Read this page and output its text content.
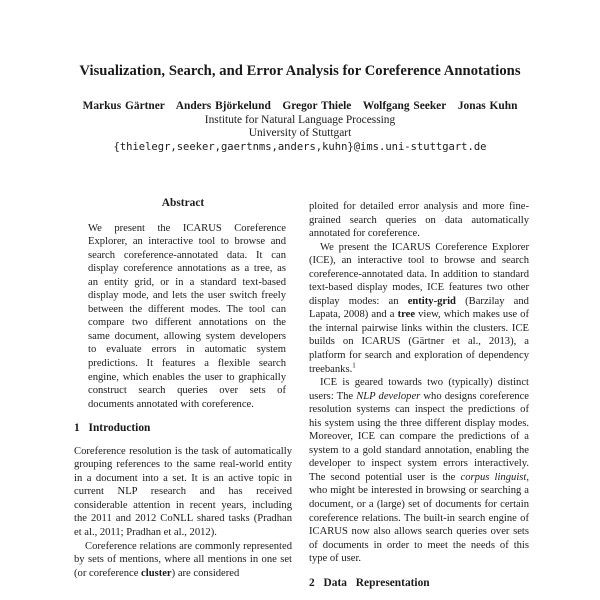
Visualization, Search, and Error Analysis for Coreference Annotations
Markus Gärtner Anders Björkelund Gregor Thiele Wolfgang Seeker Jonas Kuhn
Institute for Natural Language Processing
University of Stuttgart
{thielegr,seeker,gaertnms,anders,kuhn}@ims.uni-stuttgart.de
Abstract

We present the ICARUS Coreference Explorer, an interactive tool to browse and search coreference-annotated data. It can display coreference annotations as a tree, as an entity grid, or in a standard text-based display mode, and lets the user switch freely between the different modes. The tool can compare two different annotations on the same document, allowing system developers to evaluate errors in automatic system predictions. It features a flexible search engine, which enables the user to graphically construct search queries over sets of documents annotated with coreference.

1 Introduction

Coreference resolution is the task of automatically grouping references to the same real-world entity in a document into a set. It is an active topic in current NLP research and has received considerable attention in recent years, including the 2011 and 2012 CoNLL shared tasks (Pradhan et al., 2011; Pradhan et al., 2012).

Coreference relations are commonly represented by sets of mentions, where all mentions in one set (or coreference cluster) are considered

ploited for detailed error analysis and more fine-grained search queries on data automatically annotated for coreference.

We present the ICARUS Coreference Explorer (ICE), an interactive tool to browse and search coreference-annotated data. In addition to standard text-based display modes, ICE features two other display modes: an entity-grid (Barzilay and Lapata, 2008) and a tree view, which makes use of the internal pairwise links within the clusters. ICE builds on ICARUS (Gärtner et al., 2013), a platform for search and exploration of dependency treebanks.$^1$

ICE is geared towards two (typically) distinct users: The NLP developer who designs coreference resolution systems can inspect the predictions of his system using the three different display modes. Moreover, ICE can compare the predictions of a system to a gold standard annotation, enabling the developer to inspect system errors interactively. The second potential user is the corpus linguist, who might be interested in browsing or searching a document, or a (large) set of documents for certain coreference relations. The built-in search engine of ICARUS now also allows search queries over sets of documents in order to meet the needs of this type of user.

2 Data Representation
